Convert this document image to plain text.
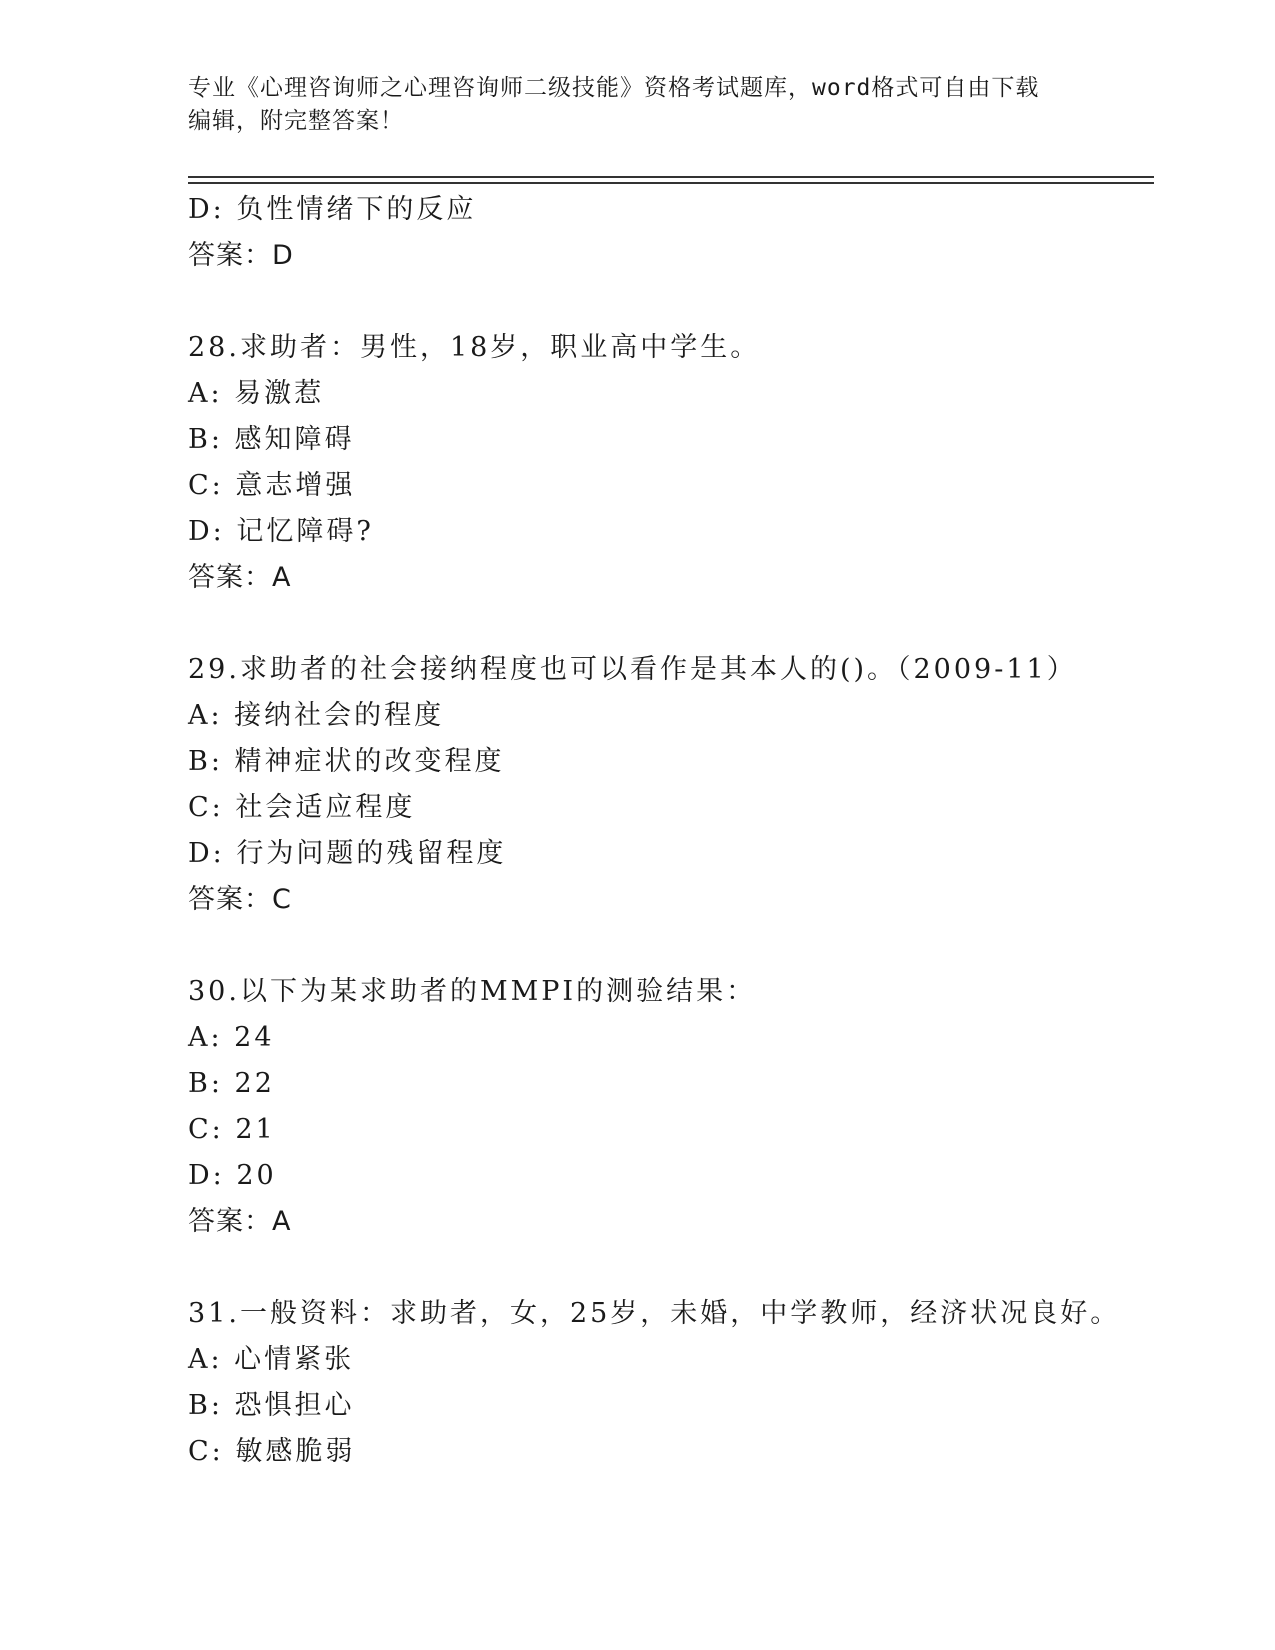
专业《心理咨询师之心理咨询师二级技能》资格考试题库，word格式可自由下载
编辑，附完整答案！
D: 负性情绪下的反应
答案：D
28.求助者：男性，18岁，职业高中学生。
A: 易激惹
B: 感知障碍
C: 意志增强
D: 记忆障碍?
答案：A
29.求助者的社会接纳程度也可以看作是其本人的()。（2009-11）
A: 接纳社会的程度
B: 精神症状的改变程度
C: 社会适应程度
D: 行为问题的残留程度
答案：C
30.以下为某求助者的MMPI的测验结果：
A: 24
B: 22
C: 21
D: 20
答案：A
31.一般资料：求助者，女，25岁，未婚，中学教师，经济状况良好。
A: 心情紧张
B: 恐惧担心
C: 敏感脆弱
